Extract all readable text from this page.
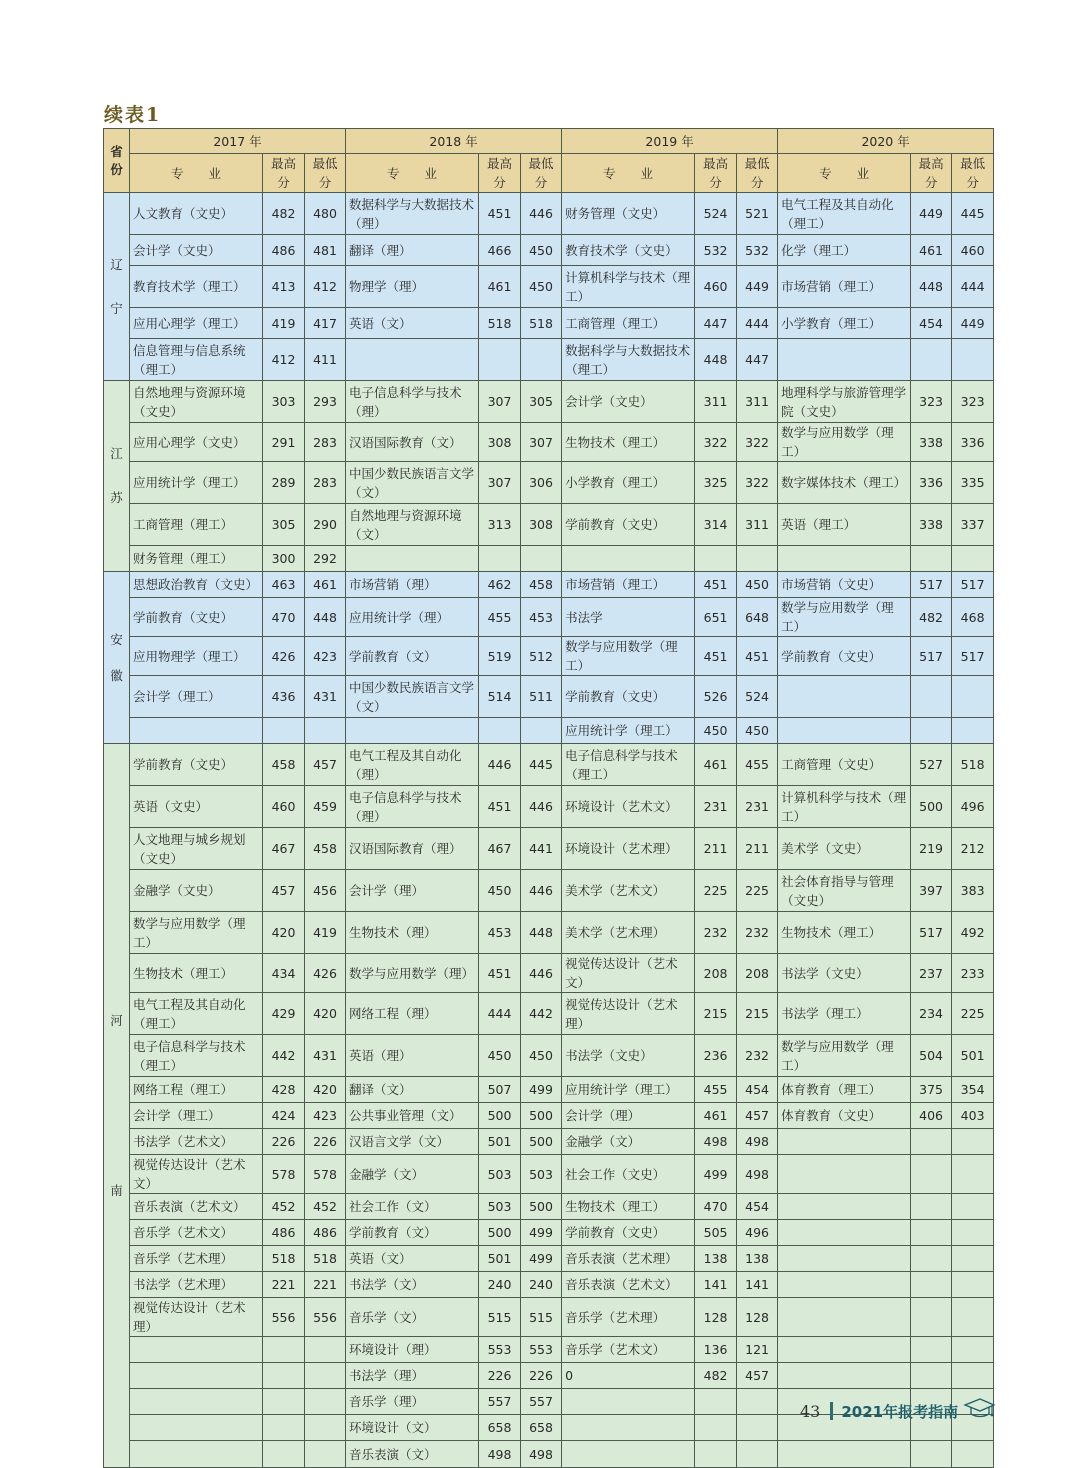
续表1
省份	2017 年			2018 年			2019 年			2020 年		
	专　　业	最高分	最低分	专　　业	最高分	最低分	专　　业	最高分	最低分	专　　业	最高分	最低分

辽
宁	人文教育（文史）	482	480	数据科学与大数据技术（理）	451	446	财务管理（文史）	524	521	电气工程及其自动化（理工）	449	445
	会计学（文史）	486	481	翻译（理）	466	450	教育技术学（文史）	532	532	化学（理工）	461	460
	教育技术学（理工）	413	412	物理学（理）	461	450	计算机科学与技术（理工）	460	449	市场营销（理工）	448	444
	应用心理学（理工）	419	417	英语（文）	518	518	工商管理（理工）	447	444	小学教育（理工）	454	449
	信息管理与信息系统（理工）	412	411				数据科学与大数据技术（理工）	448	447			

江
苏	自然地理与资源环境（文史）	303	293	电子信息科学与技术（理）	307	305	会计学（文史）	311	311	地理科学与旅游管理学院（文史）	323	323
	应用心理学（文史）	291	283	汉语国际教育（文）	308	307	生物技术（理工）	322	322	数学与应用数学（理工）	338	336
	应用统计学（理工）	289	283	中国少数民族语言文学（文）	307	306	小学教育（理工）	325	322	数字媒体技术（理工）	336	335
	工商管理（理工）	305	290	自然地理与资源环境（文）	313	308	学前教育（文史）	314	311	英语（理工）	338	337
	财务管理（理工）	300	292									

安
徽	思想政治教育（文史）	463	461	市场营销（理）	462	458	市场营销（理工）	451	450	市场营销（文史）	517	517
	学前教育（文史）	470	448	应用统计学（理）	455	453	书法学	651	648	数学与应用数学（理工）	482	468
	应用物理学（理工）	426	423	学前教育（文）	519	512	数学与应用数学（理工）	451	451	学前教育（文史）	517	517
	会计学（理工）	436	431	中国少数民族语言文学（文）	514	511	学前教育（文史）	526	524			
							应用统计学（理工）	450	450			

河
南	学前教育（文史）	458	457	电气工程及其自动化（理）	446	445	电子信息科学与技术（理工）	461	455	工商管理（文史）	527	518
	英语（文史）	460	459	电子信息科学与技术（理）	451	446	环境设计（艺术文）	231	231	计算机科学与技术（理工）	500	496
	人文地理与城乡规划（文史）	467	458	汉语国际教育（理）	467	441	环境设计（艺术理）	211	211	美术学（文史）	219	212
	金融学（文史）	457	456	会计学（理）	450	446	美术学（艺术文）	225	225	社会体育指导与管理（文史）	397	383
	数学与应用数学（理工）	420	419	生物技术（理）	453	448	美术学（艺术理）	232	232	生物技术（理工）	517	492
	生物技术（理工）	434	426	数学与应用数学（理）	451	446	视觉传达设计（艺术文）	208	208	书法学（文史）	237	233
	电气工程及其自动化（理工）	429	420	网络工程（理）	444	442	视觉传达设计（艺术理）	215	215	书法学（理工）	234	225
	电子信息科学与技术（理工）	442	431	英语（理）	450	450	书法学（文史）	236	232	数学与应用数学（理工）	504	501
	网络工程（理工）	428	420	翻译（文）	507	499	应用统计学（理工）	455	454	体育教育（理工）	375	354
	会计学（理工）	424	423	公共事业管理（文）	500	500	会计学（理）	461	457	体育教育（文史）	406	403
	书法学（艺术文）	226	226	汉语言文学（文）	501	500	金融学（文）	498	498			
	视觉传达设计（艺术文）	578	578	金融学（文）	503	503	社会工作（文史）	499	498			
	音乐表演（艺术文）	452	452	社会工作（文）	503	500	生物技术（理工）	470	454			
	音乐学（艺术文）	486	486	学前教育（文）	500	499	学前教育（文史）	505	496			
	音乐学（艺术理）	518	518	英语（文）	501	499	音乐表演（艺术理）	138	138			
	书法学（艺术理）	221	221	书法学（文）	240	240	音乐表演（艺术文）	141	141			
	视觉传达设计（艺术理）	556	556	音乐学（文）	515	515	音乐学（艺术理）	128	128			
				环境设计（理）	553	553	音乐学（艺术文）	136	121			
				书法学（理）	226	226	0	482	457			
				音乐学（理）	557	557						
				环境设计（文）	658	658						
				音乐表演（文）	498	498						
43 2021年报考指南
